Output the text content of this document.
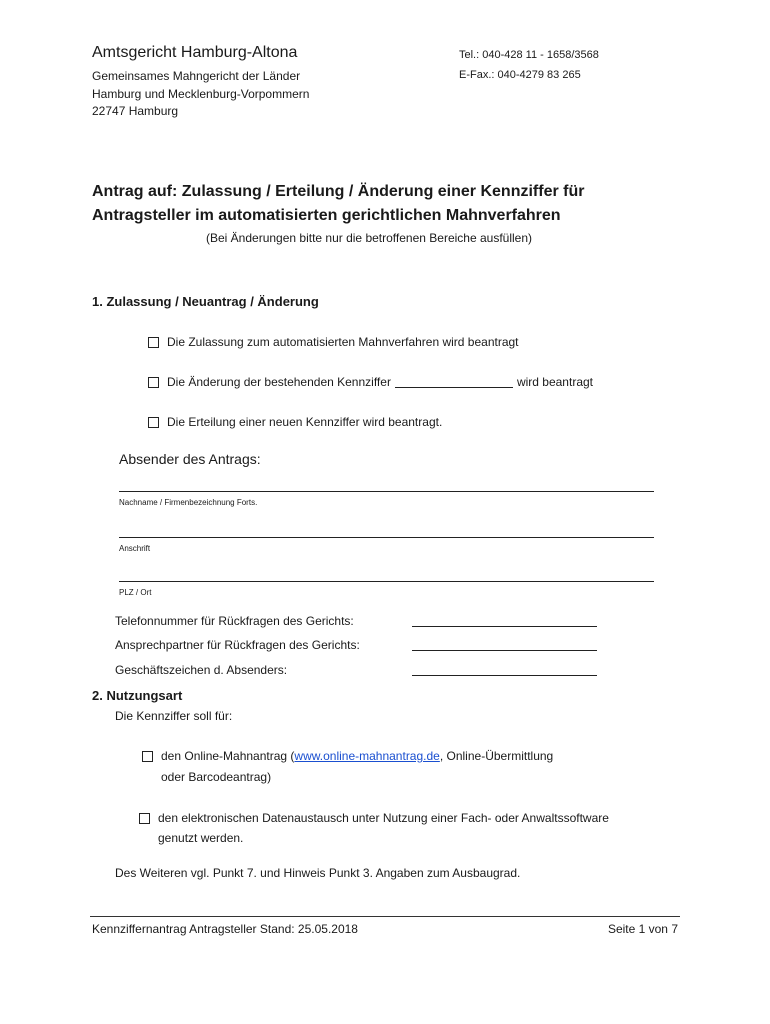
Amtsgericht Hamburg-Altona
Gemeinsames Mahngericht der Länder
Hamburg und Mecklenburg-Vorpommern
22747 Hamburg
Tel.: 040-428 11 - 1658/3568
E-Fax.: 040-4279 83 265
Antrag auf: Zulassung / Erteilung / Änderung einer Kennziffer für
Antragsteller im automatisierten gerichtlichen Mahnverfahren
(Bei Änderungen bitte nur die betroffenen Bereiche ausfüllen)
1. Zulassung / Neuantrag / Änderung
Die Zulassung zum automatisierten Mahnverfahren wird beantragt
Die Änderung der bestehenden Kennziffer	wird beantragt
Die Erteilung einer neuen Kennziffer wird beantragt.
Absender des Antrags:
Nachname / Firmenbezeichnung Forts.
Anschrift
PLZ / Ort
Telefonnummer für Rückfragen des Gerichts:
Ansprechpartner für Rückfragen des Gerichts:
Geschäftszeichen d. Absenders:
2. Nutzungsart
Die Kennziffer soll für:
den Online-Mahnantrag ( www.online-mahnantrag.de , Online-Übermittlung
oder Barcodeantrag)
den elektronischen Datenaustausch unter Nutzung einer Fach- oder Anwaltssoftware
genutzt werden.
Des Weiteren vgl. Punkt 7. und Hinweis Punkt 3. Angaben zum Ausbaugrad.
Kennziffernantrag Antragsteller Stand: 25.05.2018	Seite 1 von 7
